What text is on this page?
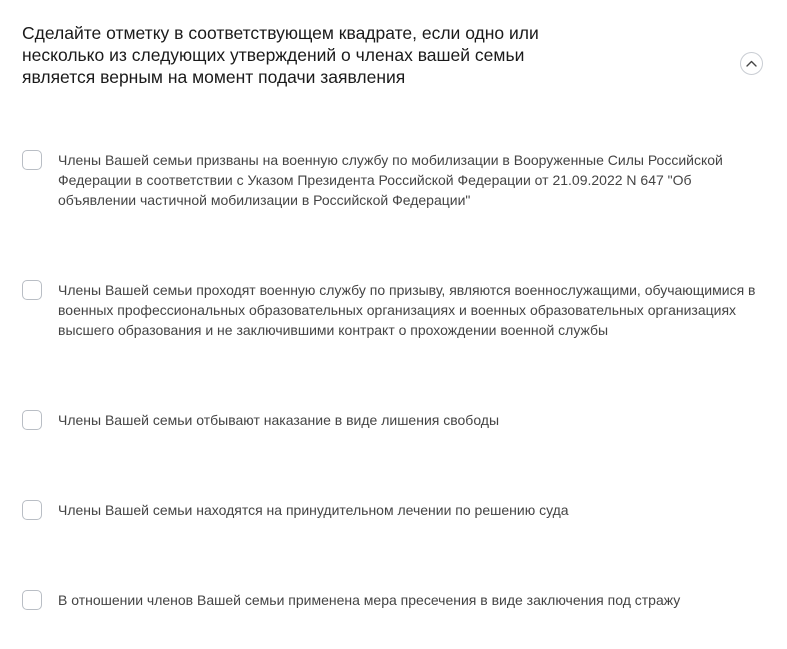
Сделайте отметку в соответствующем квадрате, если одно или несколько из следующих утверждений о членах вашей семьи является верным на момент подачи заявления
Члены Вашей семьи призваны на военную службу по мобилизации в Вооруженные Силы Российской Федерации в соответствии с Указом Президента Российской Федерации от 21.09.2022 N 647 "Об объявлении частичной мобилизации в Российской Федерации"
Члены Вашей семьи проходят военную службу по призыву, являются военнослужащими, обучающимися в военных профессиональных образовательных организациях и военных образовательных организациях высшего образования и не заключившими контракт о прохождении военной службы
Члены Вашей семьи отбывают наказание в виде лишения свободы
Члены Вашей семьи находятся на принудительном лечении по решению суда
В отношении членов Вашей семьи применена мера пресечения в виде заключения под стражу
